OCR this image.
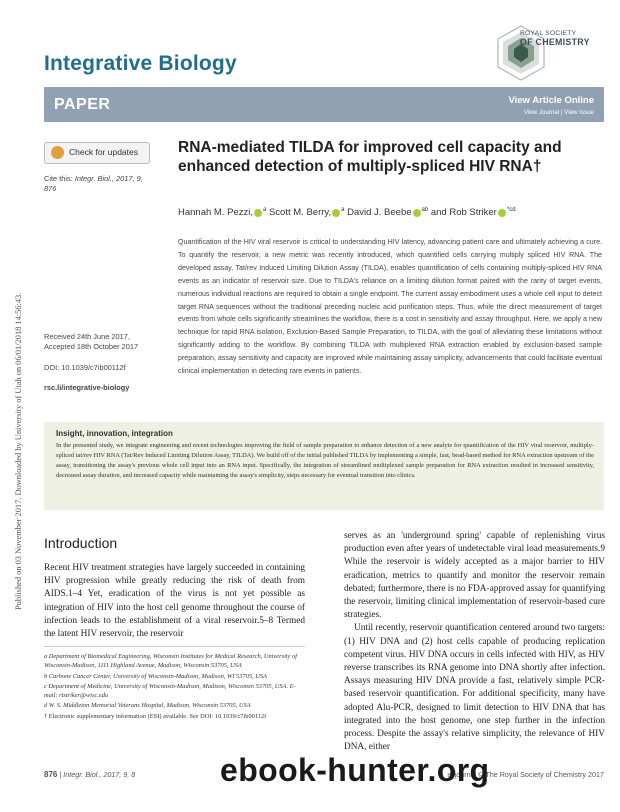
Published on 03 November 2017. Downloaded by University of Utah on 06/01/2018 14:56:43.
Integrative Biology
ROYAL SOCIETY
OF CHEMISTRY
PAPER	View Article Online
View Journal | View Issue
Check for updates	RNA-mediated TILDA for improved cell capacity and enhanced detection of multiply-spliced HIV RNA†
Cite this: Integr. Biol., 2017, 9, 876
Hannah M. Pezzi, $^a$ Scott M. Berry, $^a$ David J. Beebe $^{ab}$ and Rob Striker $^{*cd}$
Quantification of the HIV viral reservoir is critical to understanding HIV latency, advancing patient care and ultimately achieving a cure. To quantify the reservoir, a new metric was recently introduced, which quantified cells carrying multiply spliced HIV RNA. The developed assay, Tat/rev Induced Limiting Dilution Assay (TILDA), enables quantification of cells containing multiply-spliced HIV RNA events as an indicator of reservoir size. Due to TILDA's reliance on a limiting dilution format paired with the rarity of target events, numerous individual reactions are required to obtain a single endpoint. The current assay embodiment uses a whole cell input to detect target RNA sequences without the traditional preceding nucleic acid purification steps. Thus, while the direct measurement of target events from whole cells significantly streamlines the workflow, there is a cost in sensitivity and assay throughput. Here, we apply a new technique for rapid RNA isolation, Exclusion-Based Sample Preparation, to TILDA, with the goal of alleviating these limitations without significantly adding to the workflow. By combining TILDA with multiplexed RNA extraction enabled by exclusion-based sample preparation, assay sensitivity and capacity are improved while maintaining assay simplicity, advancements that could facilitate eventual clinical implementation in detecting rare events in patients.
Received 24th June 2017,
Accepted 18th October 2017
DOI: 10.1039/c7ib00112f
rsc.li/integrative-biology
Insight, innovation, integration
In the presented study, we integrate engineering and recent technologies improving the field of sample preparation to enhance detection of a new analyte for quantification of the HIV viral reservoir, multiply-spliced tat/rev HIV RNA (Tat/Rev Induced Limiting Dilution Assay, TILDA). We build off of the initial published TILDA by implementing a simple, fast, bead-based method for RNA extraction upstream of the assay, transitioning the assay's previous whole cell input into an RNA input. Specifically, the integration of streamlined multiplexed sample preparation for RNA extraction resulted in increased sensitivity, decreased assay duration, and increased capacity while maintaining the assay's simplicity, steps necessary for eventual transition into clinics.
Introduction

Recent HIV treatment strategies have largely succeeded in containing HIV progression while greatly reducing the risk of death from AIDS.1–4 Yet, eradication of the virus is not yet possible as integration of HIV into the host cell genome throughout the course of infection leads to the establishment of a viral reservoir.5–8 Termed the latent HIV reservoir, the reservoir

a Department of Biomedical Engineering, Wisconsin Institutes for Medical Research, University of Wisconsin-Madison, 1111 Highland Avenue, Madison, Wisconsin 53705, USA

b Carbone Cancer Center, University of Wisconsin-Madison, Madison, WI 53705, USA

c Department of Medicine, University of Wisconsin-Madison, Madison, Wisconsin 53705, USA. E-mail: rtstriker@wisc.edu

d W. S. Middleton Memorial Veterans Hospital, Madison, Wisconsin 53705, USA

† Electronic supplementary information (ESI) available. See DOI: 10.1039/c7ib00112f

serves as an 'underground spring' capable of replenishing virus production even after years of undetectable viral load measurements.9 While the reservoir is widely accepted as a major barrier to HIV eradication, metrics to quantify and monitor the reservoir remain debated; furthermore, there is no FDA-approved assay for quantifying the reservoir, limiting clinical implementation of reservoir-based cure strategies.

Until recently, reservoir quantification centered around two targets: (1) HIV DNA and (2) host cells capable of producing replication competent virus. HIV DNA occurs in cells infected with HIV, as HIV reverse transcribes its RNA genome into DNA shortly after infection. Assays measuring HIV DNA provide a fast, relatively simple PCR-based reservoir quantification. For additional specificity, many have adopted Alu-PCR, designed to limit detection to HIV DNA that has integrated into the host genome, one step further in the infection process. Despite the assay's relative simplicity, the relevance of HIV DNA, either

876 | Integr. Biol., 2017, 9, 8	is journal © The Royal Society of Chemistry 2017
ebook-hunter.org
